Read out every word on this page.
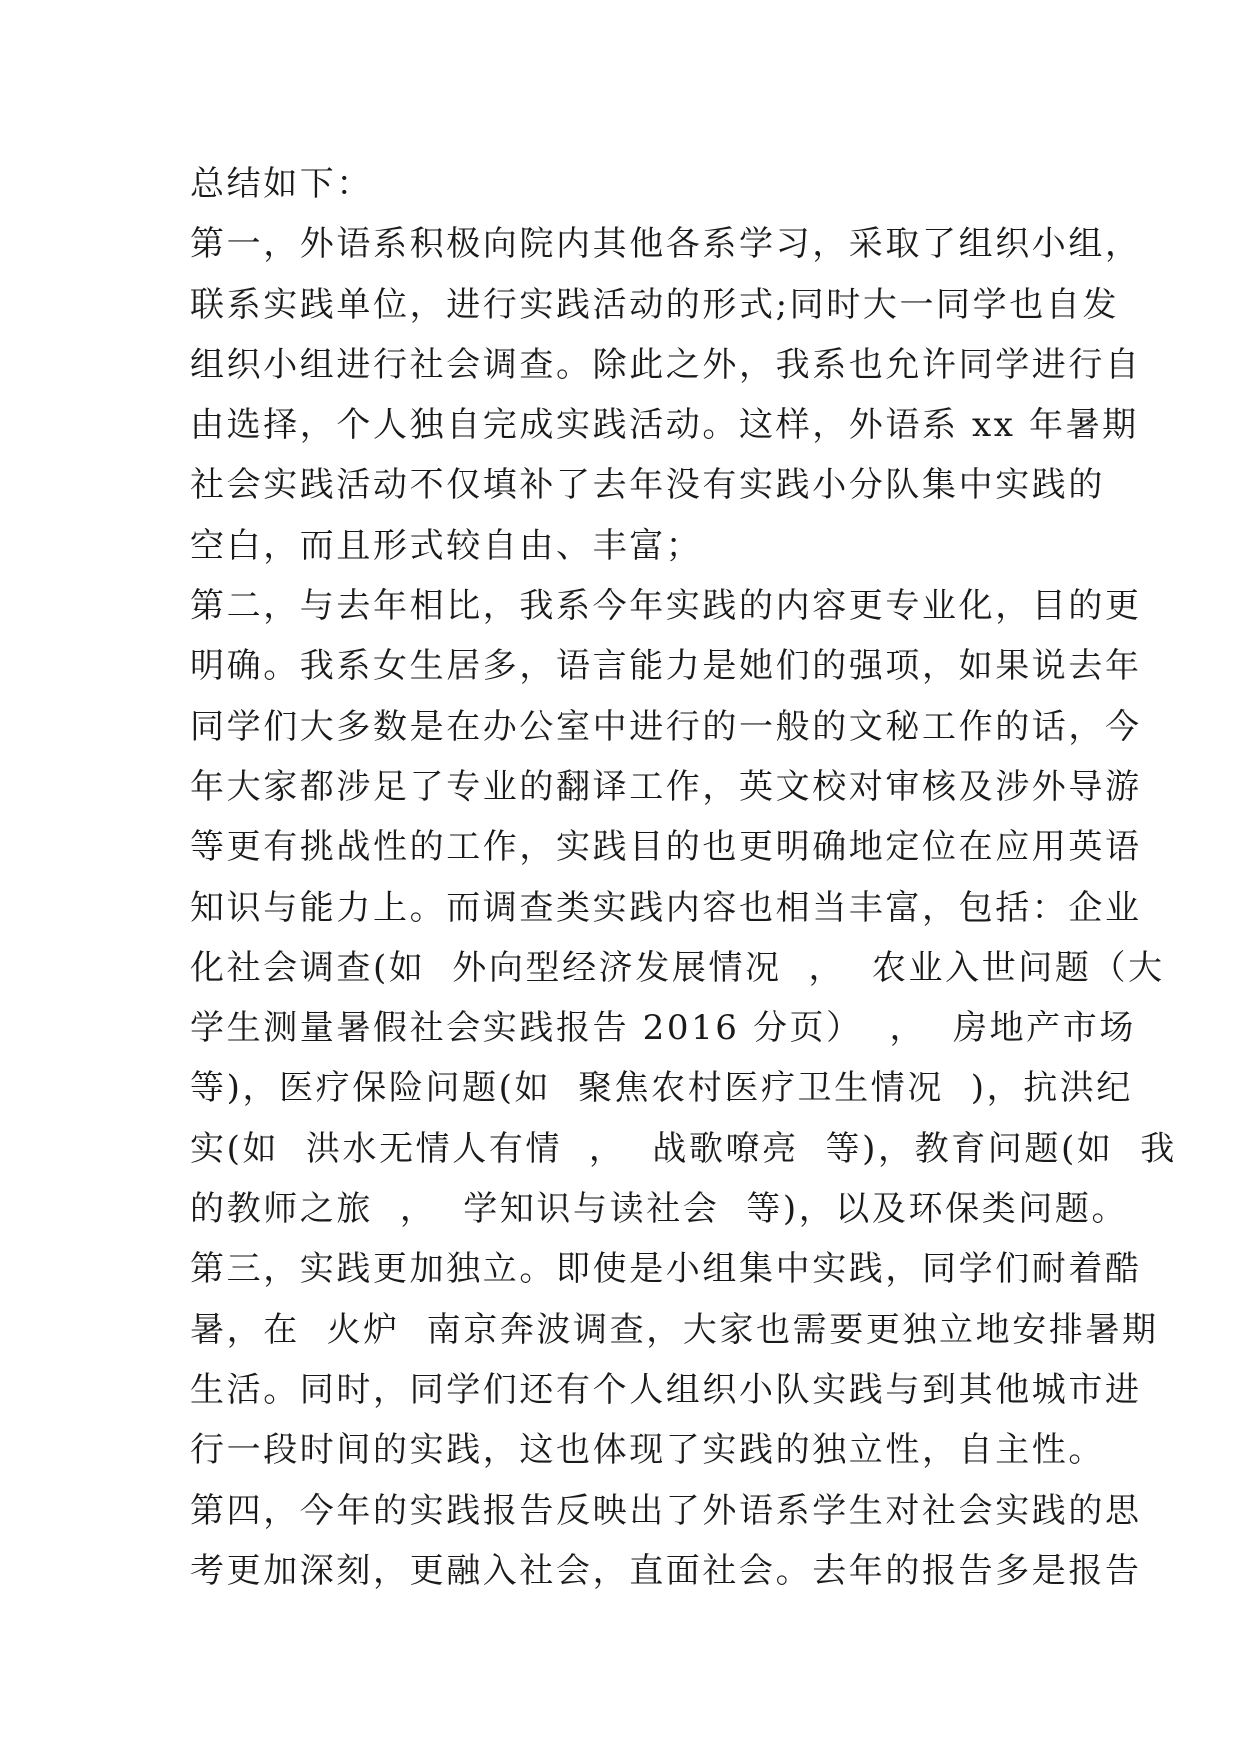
总结如下：
第一，外语系积极向院内其他各系学习，采取了组织小组，
联系实践单位，进行实践活动的形式;同时大一同学也自发
组织小组进行社会调查。除此之外，我系也允许同学进行自
由选择，个人独自完成实践活动。这样，外语系 xx 年暑期
社会实践活动不仅填补了去年没有实践小分队集中实践的
空白，而且形式较自由、丰富；
第二，与去年相比，我系今年实践的内容更专业化，目的更
明确。我系女生居多，语言能力是她们的强项，如果说去年
同学们大多数是在办公室中进行的一般的文秘工作的话，今
年大家都涉足了专业的翻译工作，英文校对审核及涉外导游
等更有挑战性的工作，实践目的也更明确地定位在应用英语
知识与能力上。而调查类实践内容也相当丰富，包括：企业
化社会调查(如  外向型经济发展情况  ，  农业入世问题（大
学生测量暑假社会实践报告 2016 分页）  ，  房地产市场
等)，医疗保险问题(如  聚焦农村医疗卫生情况  )，抗洪纪
实(如  洪水无情人有情  ，  战歌嘹亮  等)，教育问题(如  我
的教师之旅  ，  学知识与读社会  等)，以及环保类问题。
第三，实践更加独立。即使是小组集中实践，同学们耐着酷
暑，在  火炉  南京奔波调查，大家也需要更独立地安排暑期
生活。同时，同学们还有个人组织小队实践与到其他城市进
行一段时间的实践，这也体现了实践的独立性，自主性。
第四，今年的实践报告反映出了外语系学生对社会实践的思
考更加深刻，更融入社会，直面社会。去年的报告多是报告
